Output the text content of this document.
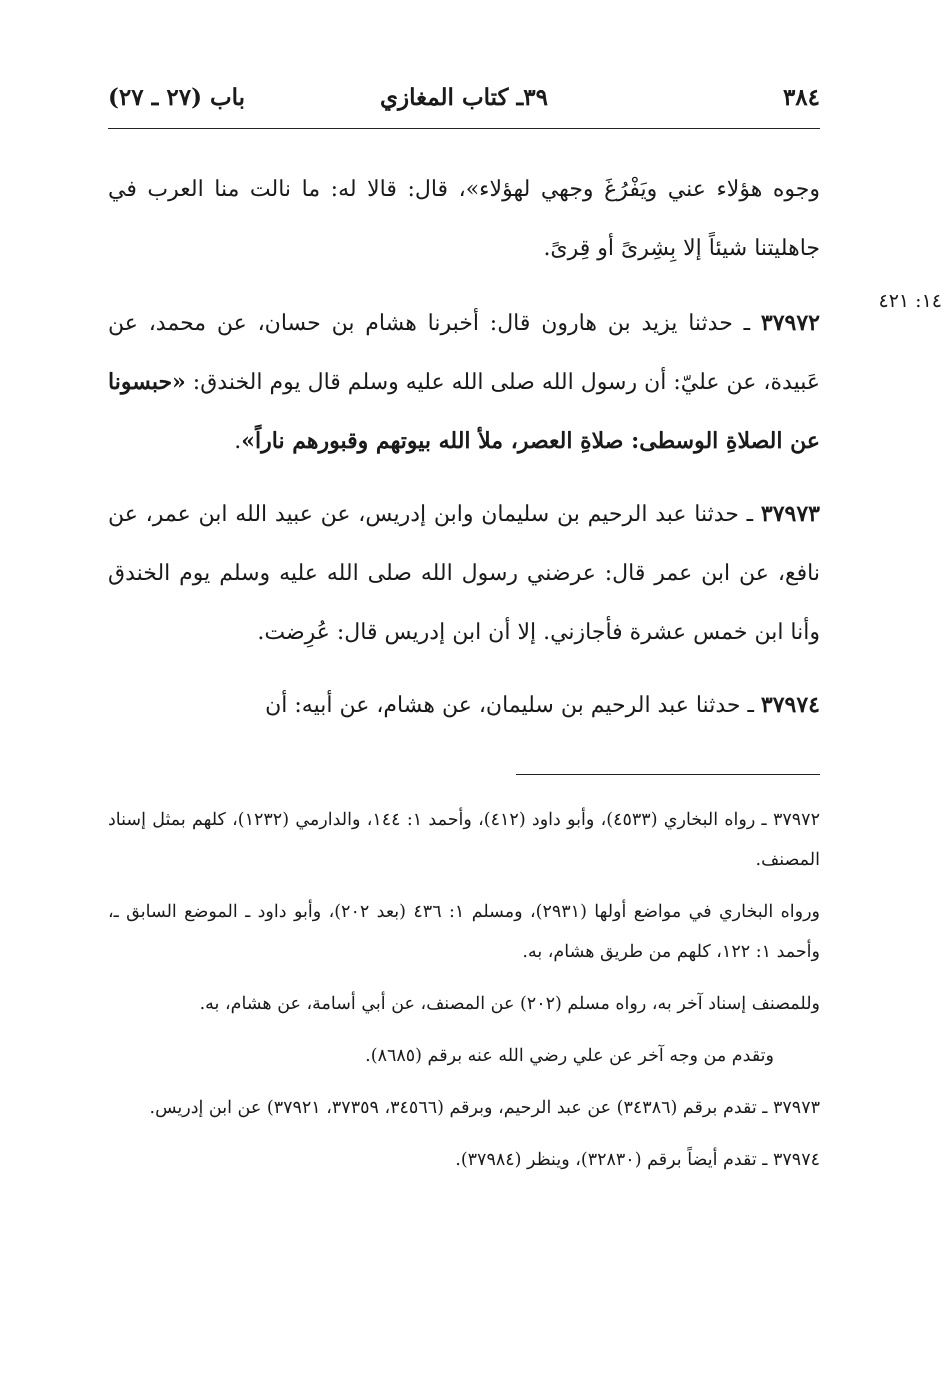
٣٨٤
٣٩ـ كتاب المغازي
باب (٢٧ ـ ٢٧)
١٤: ٤٢١

وجوه هؤلاء عني ويَفْرُغَ وجهي لهؤلاء»، قال: قالا له: ما نالت منا العرب في جاهليتنا شيئاً إلا بِشِرىً أو قِرىً.

٣٧٩٧٢ ـ حدثنا يزيد بن هارون قال: أخبرنا هشام بن حسان، عن محمد، عن عَبيدة، عن عليّ: أن رسول الله صلى الله عليه وسلم قال يوم الخندق: «حبسونا عن الصلاةِ الوسطى: صلاةِ العصر، ملأ الله بيوتهم وقبورهم ناراً».

٣٧٩٧٣ ـ حدثنا عبد الرحيم بن سليمان وابن إدريس، عن عبيد الله ابن عمر، عن نافع، عن ابن عمر قال: عرضني رسول الله صلى الله عليه وسلم يوم الخندق وأنا ابن خمس عشرة فأجازني. إلا أن ابن إدريس قال: عُرِضت.

٣٧٩٧٤ ـ حدثنا عبد الرحيم بن سليمان، عن هشام، عن أبيه: أن

٣٧٩٧٢ ـ رواه البخاري (٤٥٣٣)، وأبو داود (٤١٢)، وأحمد ١: ١٤٤، والدارمي (١٢٣٢)، كلهم بمثل إسناد المصنف.

ورواه البخاري في مواضع أولها (٢٩٣١)، ومسلم ١: ٤٣٦ (بعد ٢٠٢)، وأبو داود ـ الموضع السابق ـ، وأحمد ١: ١٢٢، كلهم من طريق هشام، به.

وللمصنف إسناد آخر به، رواه مسلم (٢٠٢) عن المصنف، عن أبي أسامة، عن هشام، به.

وتقدم من وجه آخر عن علي رضي الله عنه برقم (٨٦٨٥).

٣٧٩٧٣ ـ تقدم برقم (٣٤٣٨٦) عن عبد الرحيم، وبرقم (٣٤٥٦٦، ٣٧٣٥٩، ٣٧٩٢١) عن ابن إدريس.

٣٧٩٧٤ ـ تقدم أيضاً برقم (٣٢٨٣٠)، وينظر (٣٧٩٨٤).
